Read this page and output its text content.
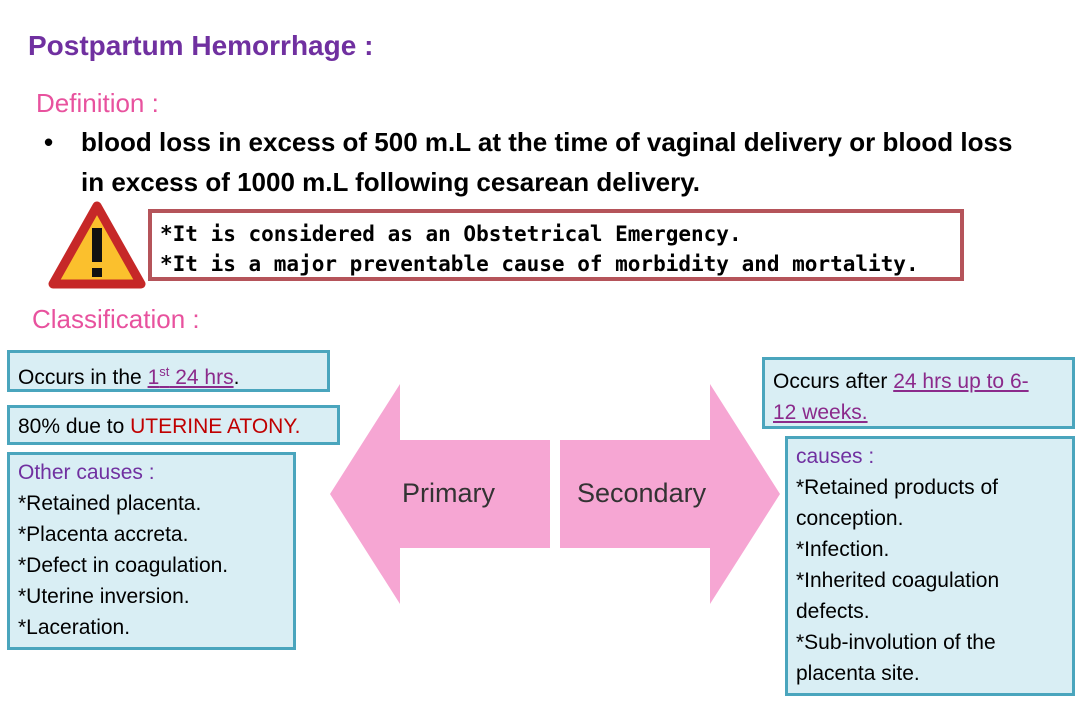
Postpartum Hemorrhage :
Definition :
• blood loss in excess of 500 m.L at the time of vaginal delivery or blood loss in excess of 1000 m.L following cesarean delivery.
*It is considered as an Obstetrical Emergency.
*It is a major preventable cause of morbidity and mortality.
Classification :
Occurs in the 1st 24 hrs.
80% due to UTERINE ATONY.
Other causes :
*Retained placenta.
*Placenta accreta.
*Defect in coagulation.
*Uterine inversion.
*Laceration.
Primary	Secondary
Occurs after 24 hrs up to 6-
12 weeks.
causes :
*Retained products of
conception.
*Infection.
*Inherited coagulation
defects.
*Sub-involution of the
placenta site.
